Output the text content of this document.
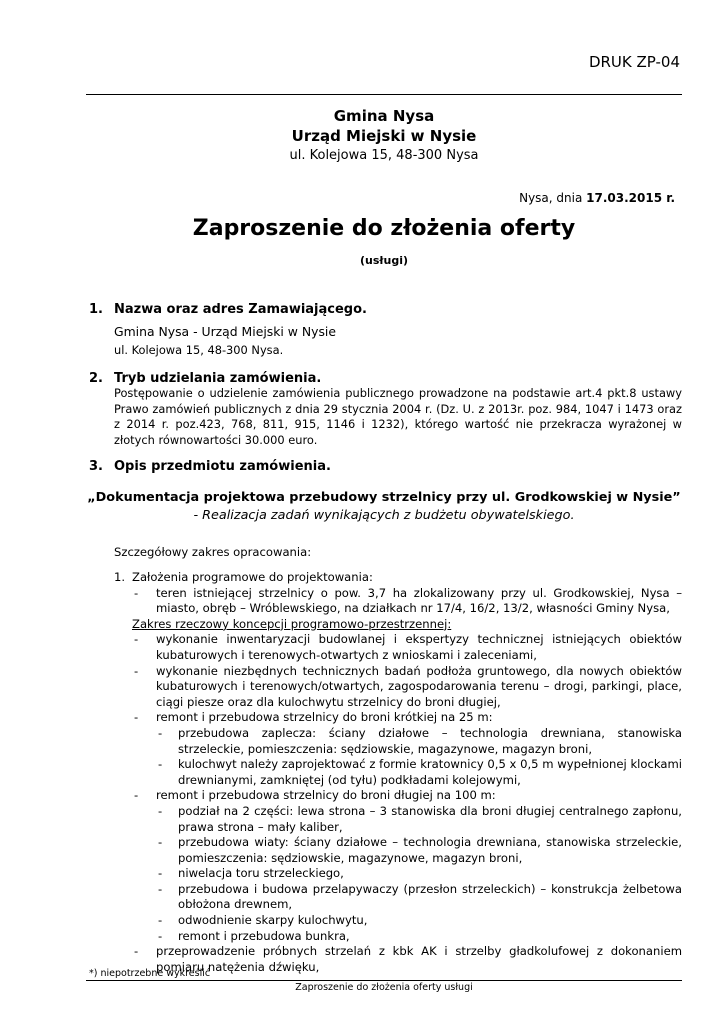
DRUK ZP-04
Gmina Nysa
Urząd Miejski w Nysie
ul. Kolejowa 15, 48-300 Nysa
Nysa, dnia 17.03.2015 r.
Zaproszenie do złożenia oferty
(usługi)
1. Nazwa oraz adres Zamawiającego.
Gmina Nysa - Urząd Miejski w Nysie
ul. Kolejowa 15, 48-300 Nysa.
2. Tryb udzielania zamówienia.
Postępowanie o udzielenie zamówienia publicznego prowadzone na podstawie art.4 pkt.8 ustawy Prawo zamówień publicznych z dnia 29 stycznia 2004 r. (Dz. U. z 2013r. poz. 984, 1047 i 1473 oraz z 2014 r. poz.423, 768, 811, 915, 1146 i 1232), którego wartość nie przekracza wyrażonej w złotych równowartości 30.000 euro.
3. Opis przedmiotu zamówienia.
„Dokumentacja projektowa przebudowy strzelnicy przy ul. Grodkowskiej w Nysie”
- Realizacja zadań wynikających z budżetu obywatelskiego.
Szczegółowy zakres opracowania:
1. Założenia programowe do projektowania:
-	teren istniejącej strzelnicy o pow. 3,7 ha zlokalizowany przy ul. Grodkowskiej, Nysa – miasto, obręb – Wróblewskiego, na działkach nr 17/4, 16/2, 13/2, własności Gminy Nysa,
Zakres rzeczowy koncepcji programowo-przestrzennej:
-	wykonanie inwentaryzacji budowlanej i ekspertyzy technicznej istniejących obiektów kubaturowych i terenowych-otwartych z wnioskami i zaleceniami,
-	wykonanie niezbędnych technicznych badań podłoża gruntowego, dla nowych obiektów kubaturowych i terenowych/otwartych, zagospodarowania terenu – drogi, parkingi, place, ciągi piesze oraz dla kulochwytu strzelnicy do broni długiej,
-	remont i przebudowa strzelnicy do broni krótkiej na 25 m:
-	przebudowa zaplecza: ściany działowe – technologia drewniana, stanowiska strzeleckie, pomieszczenia: sędziowskie, magazynowe, magazyn broni,
-	kulochwyt należy zaprojektować z formie kratownicy 0,5 x 0,5 m wypełnionej klockami drewnianymi, zamkniętej (od tyłu) podkładami kolejowymi,
-	remont i przebudowa strzelnicy do broni długiej na 100 m:
-	podział na 2 części: lewa strona – 3 stanowiska dla broni długiej centralnego zapłonu, prawa strona – mały kaliber,
-	przebudowa wiaty: ściany działowe – technologia drewniana, stanowiska strzeleckie, pomieszczenia: sędziowskie, magazynowe, magazyn broni,
-	niwelacja toru strzeleckiego,
-	przebudowa i budowa przelapywaczy (przesłon strzeleckich) – konstrukcja żelbetowa obłożona drewnem,
-	odwodnienie skarpy kulochwytu,
-	remont i przebudowa bunkra,
-	przeprowadzenie próbnych strzelań z kbk AK i strzelby gładkolufowej z dokonaniem pomiaru natężenia dźwięku,
*) niepotrzebne wykreślić
Zaproszenie do złożenia oferty usługi
